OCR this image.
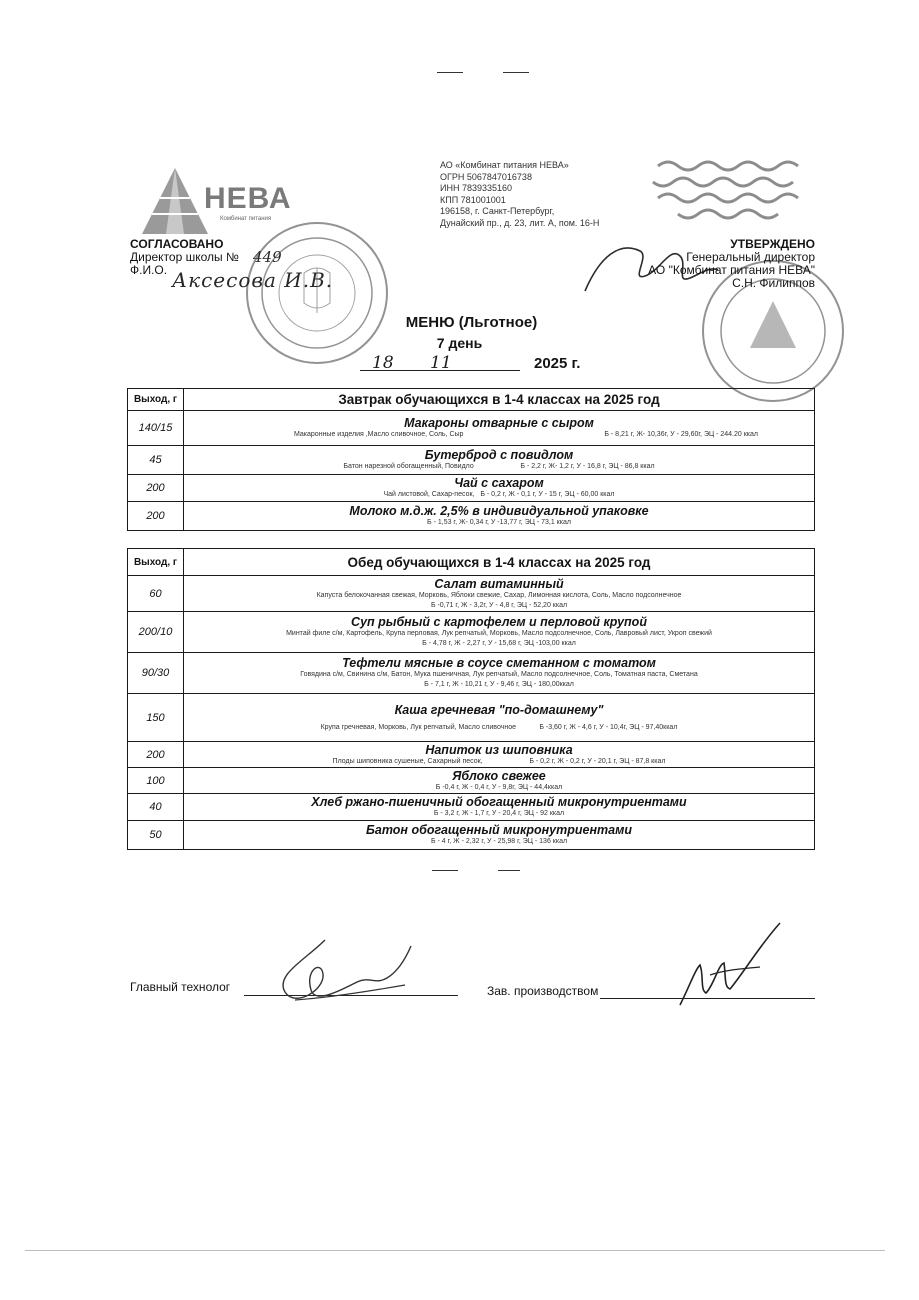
НЕВА
Комбинат питания
АО «Комбинат питания НЕВА»
ОГРН 5067847016738
ИНН 7839335160
КПП 781001001
196158, г. Санкт-Петербург,
Дунайский пр., д. 23, лит. А, пом. 16-Н
СОГЛАСОВАНО
Директор школы №
Ф.И.О.
449
Аксесова И.В.
УТВЕРЖДЕНО
Генеральный директор
АО "Комбинат питания НЕВА"
С.Н. Филиппов
МЕНЮ (Льготное)
7 день
18 11	2025 г.
Выход, г	Завтрак обучающихся в 1-4 классах на 2025 год
140/15	Макароны отварные с сыром
Макаронные изделия ,Масло сливочное, Соль, Сыр Б - 8,21 г, Ж- 10,36г, У - 29,60г, ЭЦ - 244.20 ккал

45	Бутерброд с повидлом
Батон нарезной обогащенный, Повидло Б - 2,2 г, Ж- 1,2 г, У - 16,8 г, ЭЦ - 86,8 ккал

200	Чай с сахаром
Чай листовой, Сахар-песок, Б - 0,2 г, Ж - 0,1 г, У - 15 г, ЭЦ - 60,00 ккал

200	Молоко м.д.ж. 2,5% в индивидуальной упаковке
Б - 1,53 г, Ж- 0,34 г, У -13,77 г, ЭЦ - 73,1 ккал
Выход, г	Обед обучающихся в 1-4 классах на 2025 год
60	Салат витаминный
Капуста белокочанная свежая, Морковь, Яблоки свежие, Сахар, Лимонная кислота, Соль, Масло подсолнечное
Б -0,71 г, Ж - 3,2г, У - 4,8 г, ЭЦ - 52,20 ккал

200/10	Суп рыбный с картофелем и перловой крупой
Минтай филе с/м, Картофель, Крупа перловая, Лук репчатый, Морковь, Масло подсолнечное, Соль, Лавровый лист, Укроп свежий
Б - 4,78 г, Ж - 2,27 г, У - 15,68 г, ЭЦ -103,00 ккал

90/30	Тефтели мясные в соусе сметанном с томатом
Говядина с/м, Свинина с/м, Батон, Мука пшеничная, Лук репчатый, Масло подсолнечное, Соль, Томатная паста, Сметана
Б - 7,1 г, Ж - 10,21 г, У - 9,46 г, ЭЦ - 180,00ккал

150	Каша гречневая "по-домашнему"
Крупа гречневая, Морковь, Лук репчатый, Масло сливочное Б -3,60 г, Ж - 4,6 г, У - 10,4г, ЭЦ - 97,40ккал

200	Напиток из шиповника
Плоды шиповника сушеные, Сахарный песок, Б - 0,2 г, Ж - 0,2 г, У - 20,1 г, ЭЦ - 87,8 ккал

100	Яблоко свежее
Б -0,4 г, Ж - 0,4 г, У - 9,8г, ЭЦ - 44,4ккал

40	Хлеб ржано-пшеничный обогащенный микронутриентами
Б - 3,2 г, Ж - 1,7 г, У - 20,4 г, ЭЦ - 92 ккал

50	Батон обогащенный микронутриентами
Б - 4 г, Ж - 2,32 г, У - 25,98 г, ЭЦ - 136 ккал
Главный технолог	Зав. производством
